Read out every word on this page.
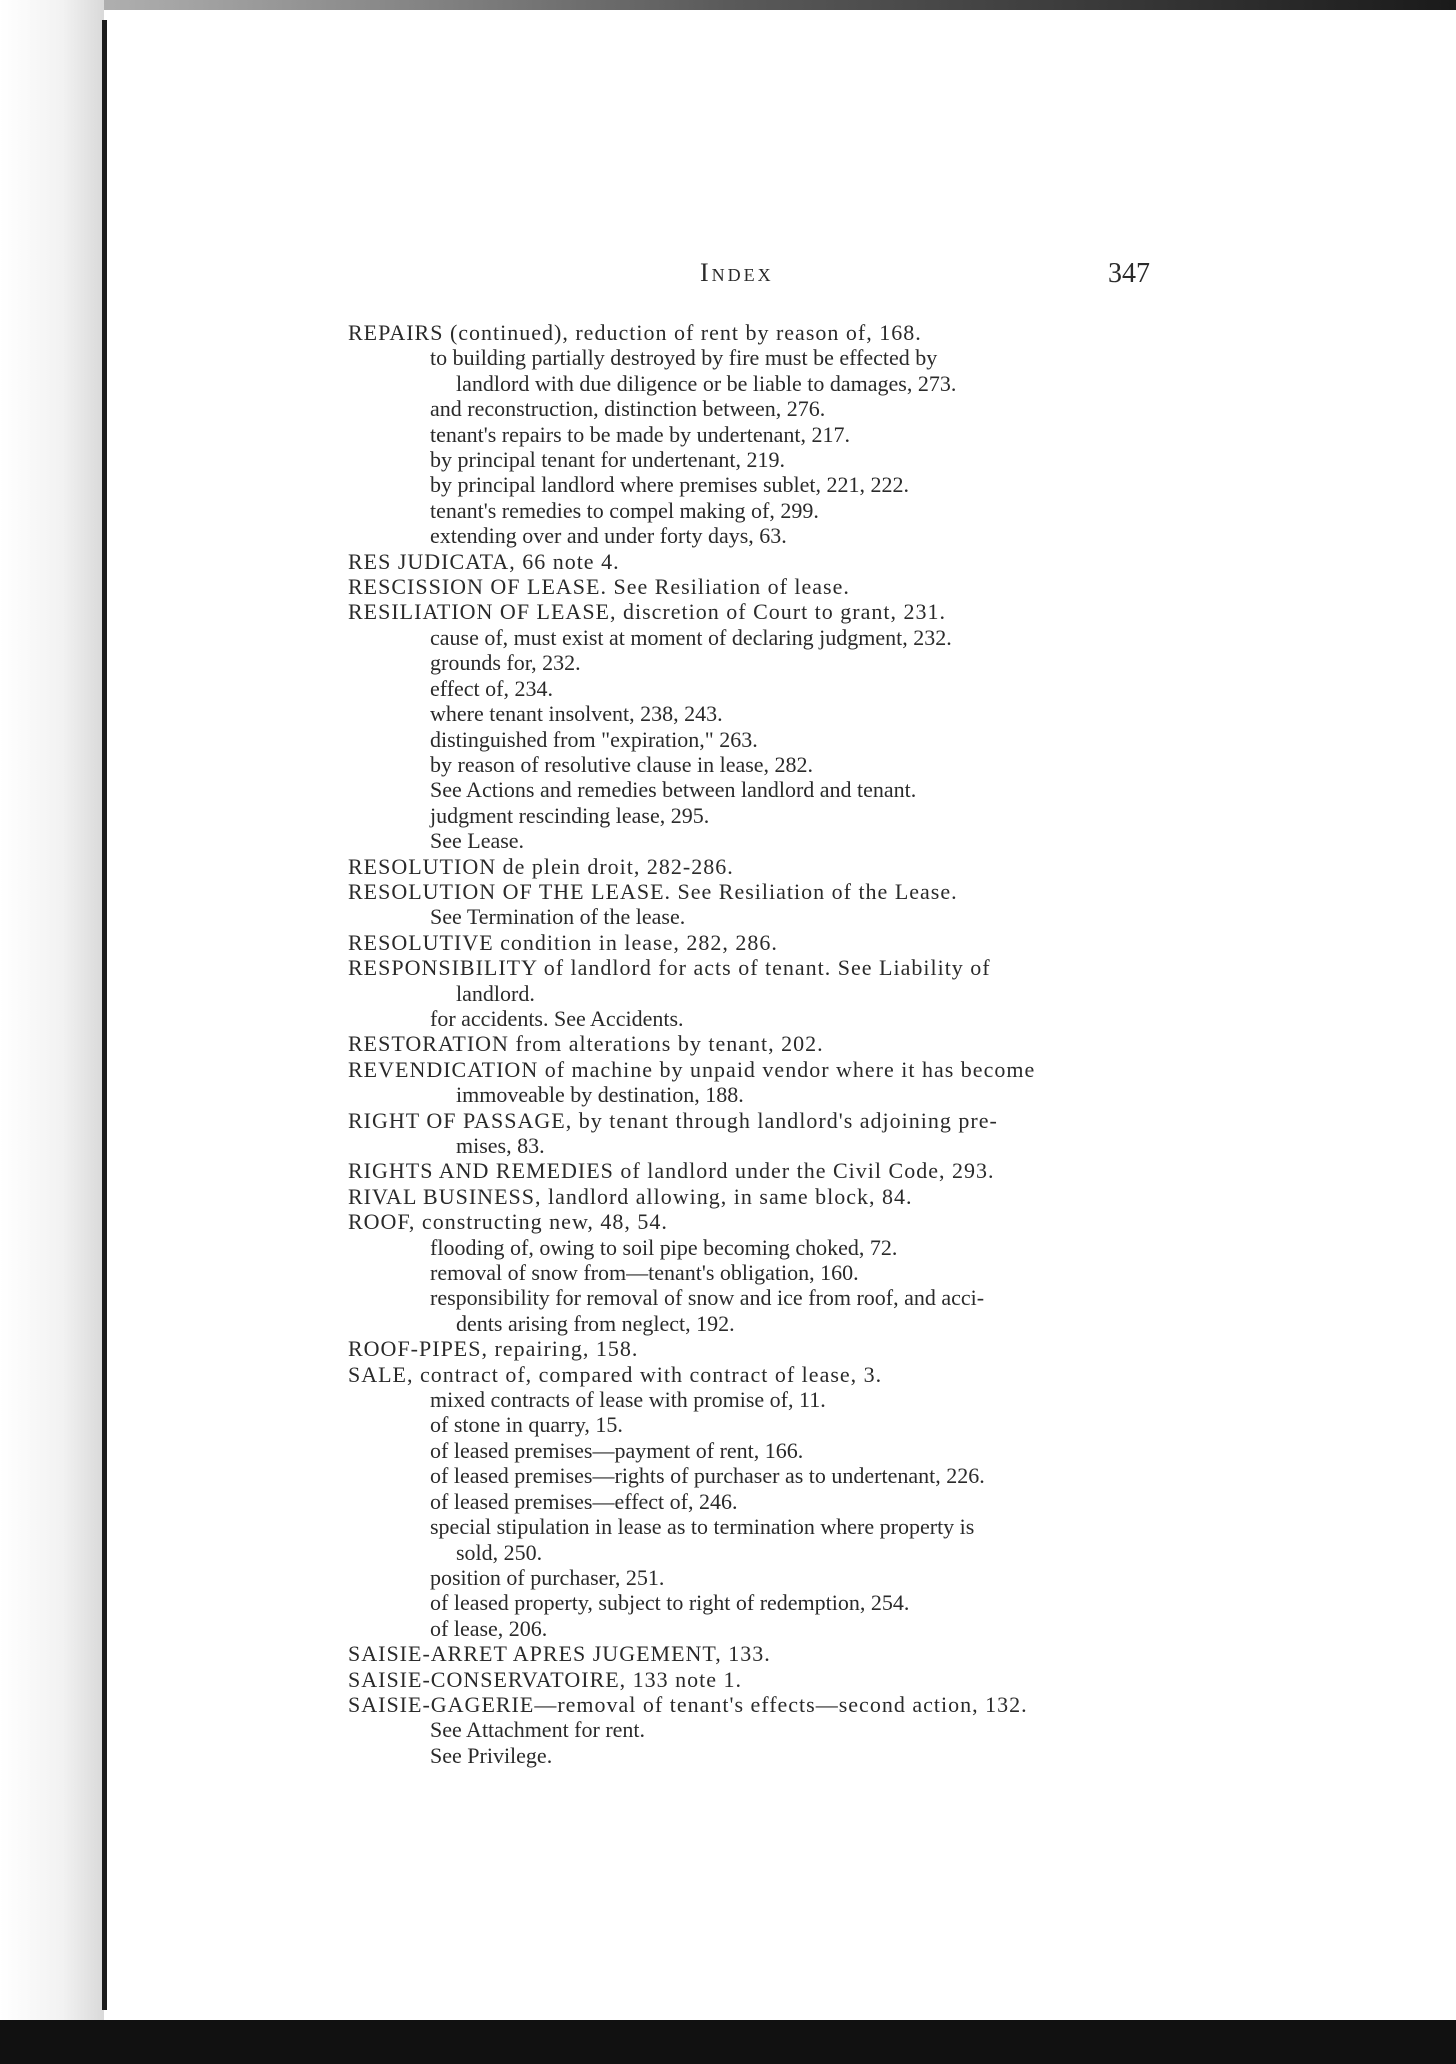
Index	347
REPAIRS (continued), reduction of rent by reason of, 168.
to building partially destroyed by fire must be effected by
landlord with due diligence or be liable to damages, 273.
and reconstruction, distinction between, 276.
tenant's repairs to be made by undertenant, 217.
by principal tenant for undertenant, 219.
by principal landlord where premises sublet, 221, 222.
tenant's remedies to compel making of, 299.
extending over and under forty days, 63.
RES JUDICATA, 66 note 4.
RESCISSION OF LEASE. See Resiliation of lease.
RESILIATION OF LEASE, discretion of Court to grant, 231.
cause of, must exist at moment of declaring judgment, 232.
grounds for, 232.
effect of, 234.
where tenant insolvent, 238, 243.
distinguished from "expiration," 263.
by reason of resolutive clause in lease, 282.
See Actions and remedies between landlord and tenant.
judgment rescinding lease, 295.
See Lease.
RESOLUTION de plein droit, 282-286.
RESOLUTION OF THE LEASE. See Resiliation of the Lease.
See Termination of the lease.
RESOLUTIVE condition in lease, 282, 286.
RESPONSIBILITY of landlord for acts of tenant. See Liability of
landlord.
for accidents. See Accidents.
RESTORATION from alterations by tenant, 202.
REVENDICATION of machine by unpaid vendor where it has become
immoveable by destination, 188.
RIGHT OF PASSAGE, by tenant through landlord's adjoining pre-
mises, 83.
RIGHTS AND REMEDIES of landlord under the Civil Code, 293.
RIVAL BUSINESS, landlord allowing, in same block, 84.
ROOF, constructing new, 48, 54.
flooding of, owing to soil pipe becoming choked, 72.
removal of snow from—tenant's obligation, 160.
responsibility for removal of snow and ice from roof, and acci-
dents arising from neglect, 192.
ROOF-PIPES, repairing, 158.
SALE, contract of, compared with contract of lease, 3.
mixed contracts of lease with promise of, 11.
of stone in quarry, 15.
of leased premises—payment of rent, 166.
of leased premises—rights of purchaser as to undertenant, 226.
of leased premises—effect of, 246.
special stipulation in lease as to termination where property is
sold, 250.
position of purchaser, 251.
of leased property, subject to right of redemption, 254.
of lease, 206.
SAISIE-ARRET APRES JUGEMENT, 133.
SAISIE-CONSERVATOIRE, 133 note 1.
SAISIE-GAGERIE—removal of tenant's effects—second action, 132.
See Attachment for rent.
See Privilege.
